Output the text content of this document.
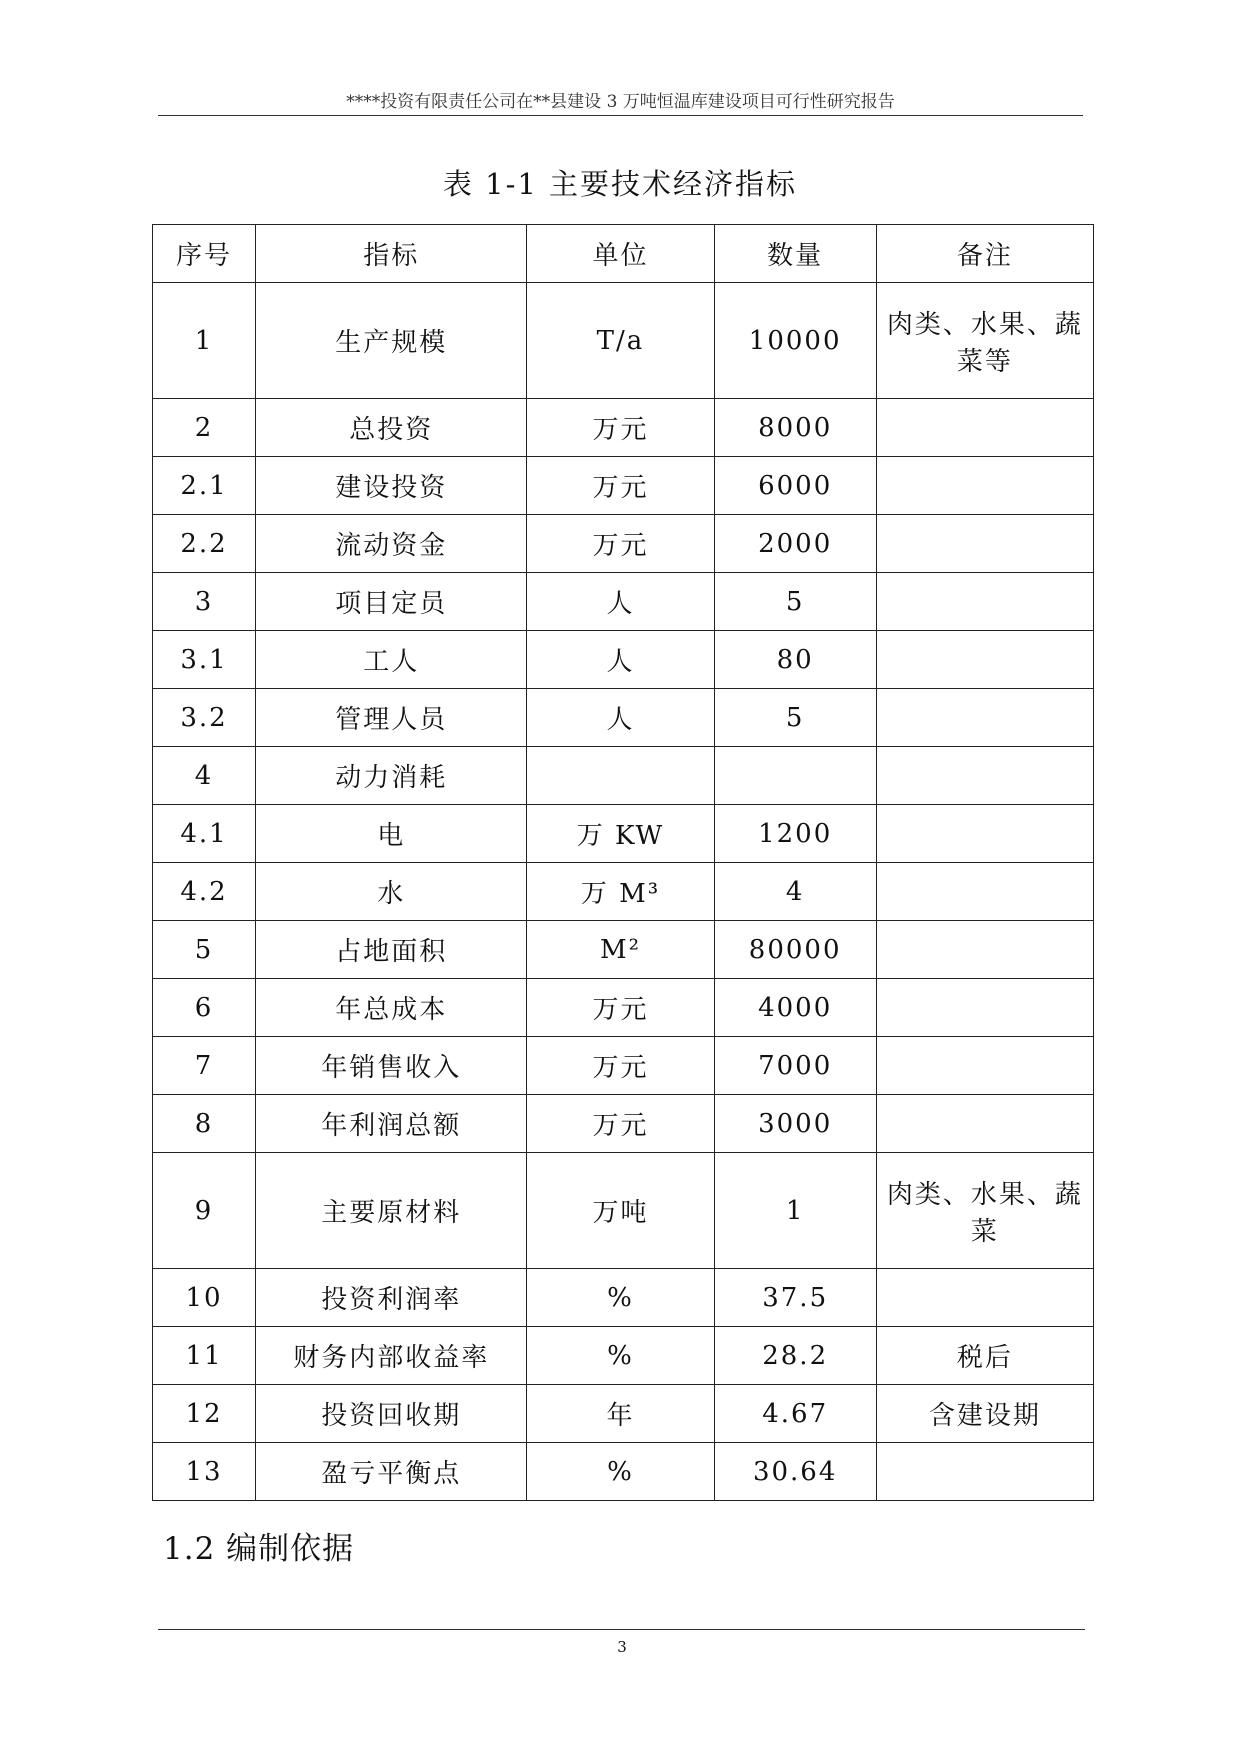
****投资有限责任公司在**县建设 3 万吨恒温库建设项目可行性研究报告
表 1-1 主要技术经济指标
序号	指标	单位	数量	备注
1	生产规模	T/a	10000	肉类、水果、蔬菜等
2	总投资	万元	8000	
2.1	建设投资	万元	6000	
2.2	流动资金	万元	2000	
3	项目定员	人	5	
3.1	工人	人	80	
3.2	管理人员	人	5	
4	动力消耗			
4.1	电	万 KW	1200	
4.2	水	万 M³	4	
5	占地面积	M²	80000	
6	年总成本	万元	4000	
7	年销售收入	万元	7000	
8	年利润总额	万元	3000	
9	主要原材料	万吨	1	肉类、水果、蔬菜
10	投资利润率	%	37.5	
11	财务内部收益率	%	28.2	税后
12	投资回收期	年	4.67	含建设期
13	盈亏平衡点	%	30.64	
1.2 编制依据
3
